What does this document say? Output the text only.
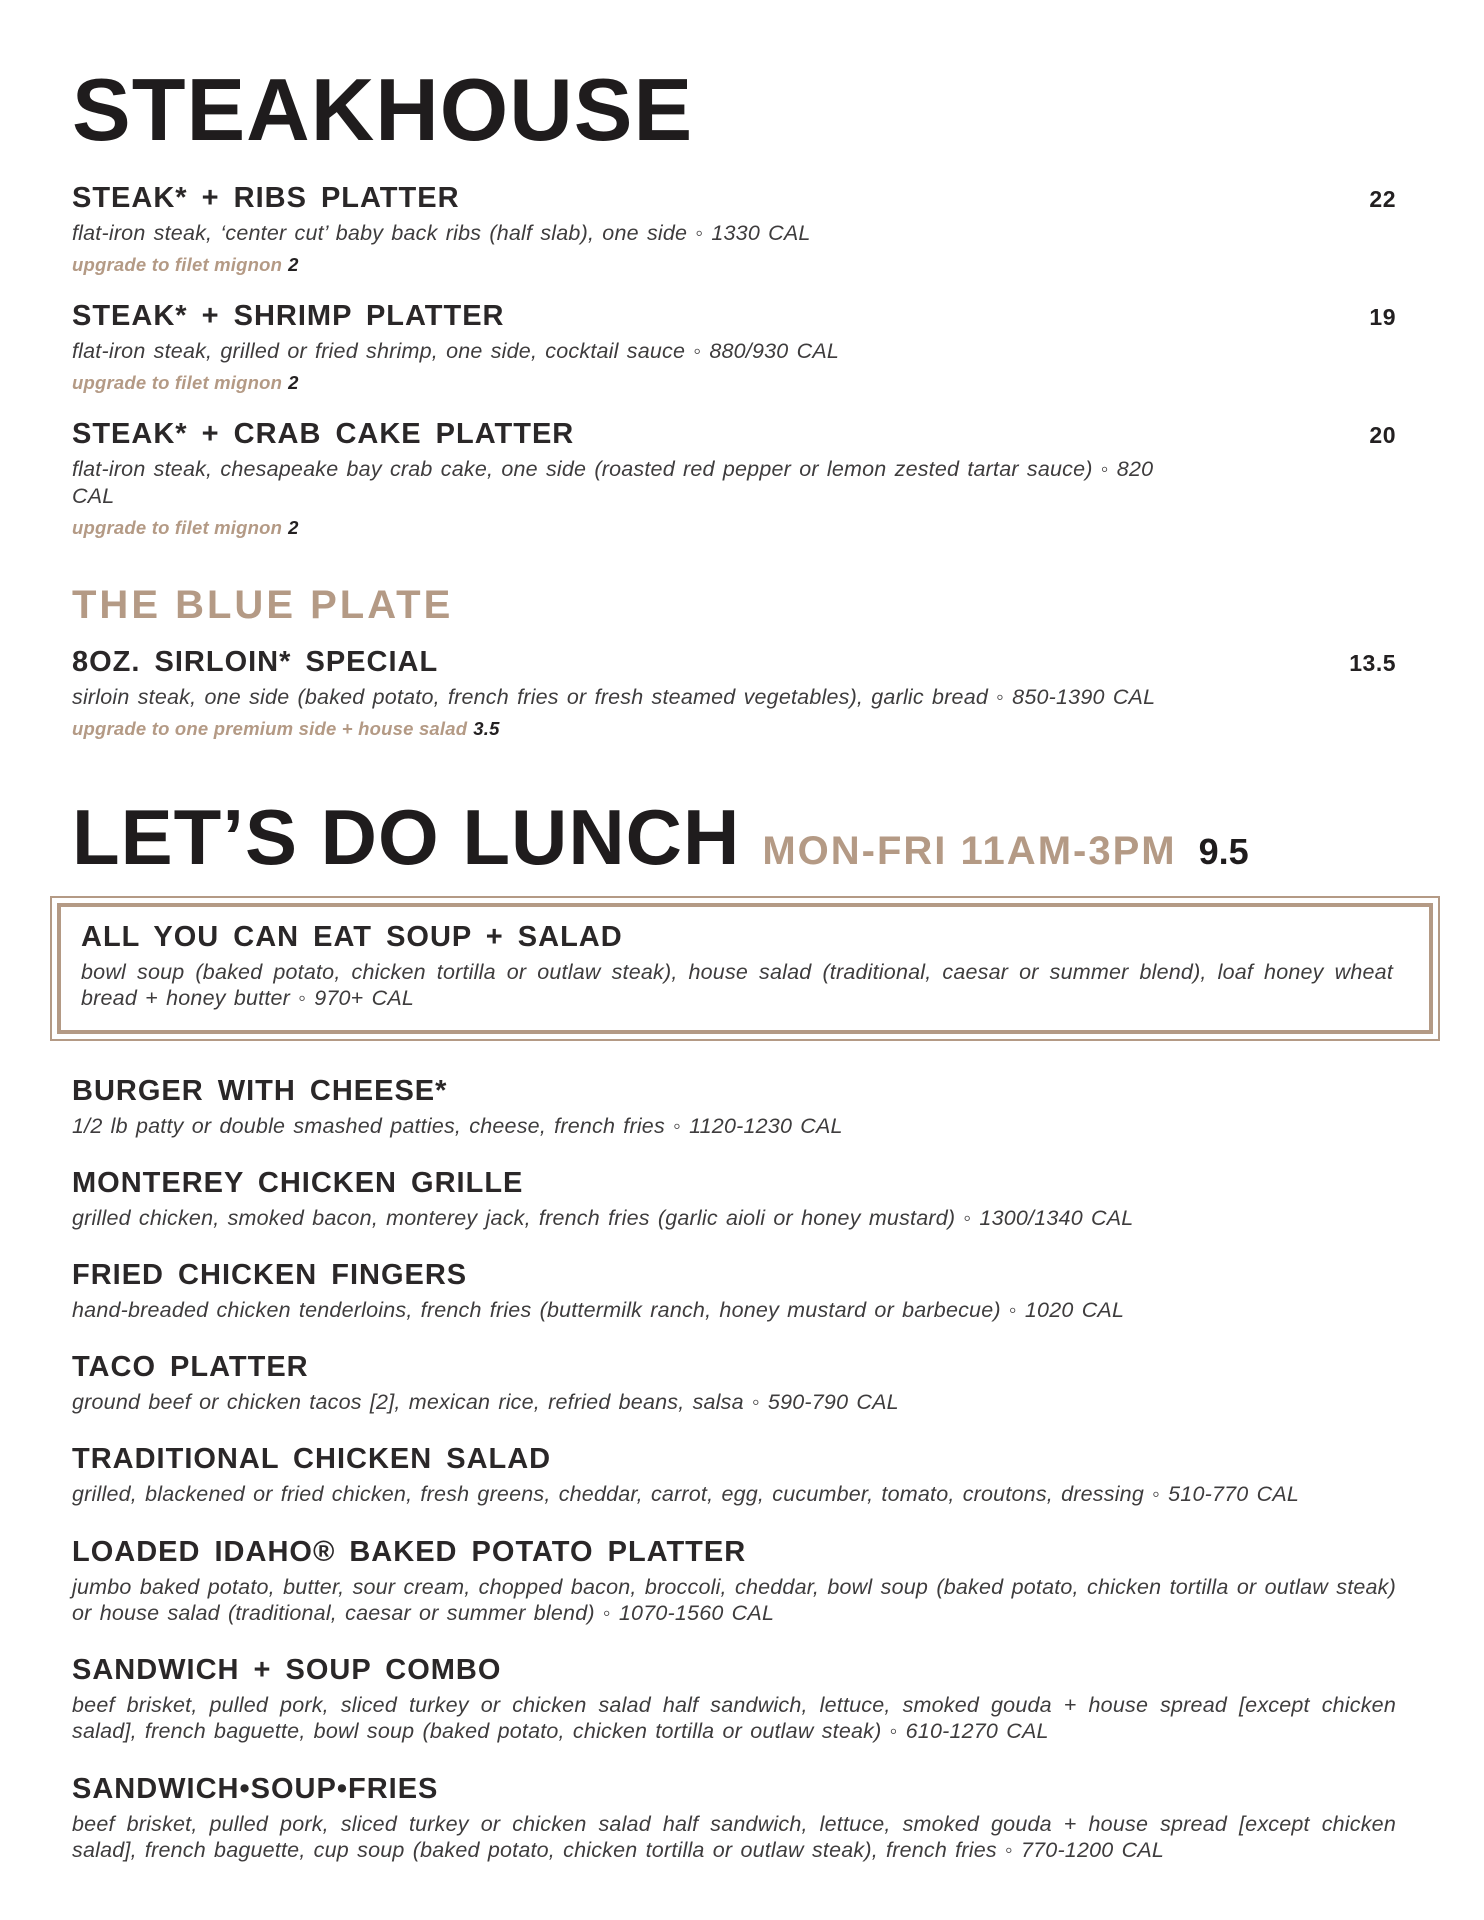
STEAKHOUSE
STEAK* + RIBS PLATTER	22
flat-iron steak, ‘center cut’ baby back ribs (half slab), one side ◦ 1330 CAL
upgrade to filet mignon 2
STEAK* + SHRIMP PLATTER	19
flat-iron steak, grilled or fried shrimp, one side, cocktail sauce ◦ 880/930 CAL
upgrade to filet mignon 2
STEAK* + CRAB CAKE PLATTER	20
flat-iron steak, chesapeake bay crab cake, one side (roasted red pepper or lemon zested tartar sauce) ◦ 820 CAL
upgrade to filet mignon 2
THE BLUE PLATE
8OZ. SIRLOIN* SPECIAL	13.5
sirloin steak, one side (baked potato, french fries or fresh steamed vegetables), garlic bread ◦ 850-1390 CAL
upgrade to one premium side + house salad 3.5
LET’S DO LUNCH MON-FRI 11AM-3PM 9.5
ALL YOU CAN EAT SOUP + SALAD
bowl soup (baked potato, chicken tortilla or outlaw steak), house salad (traditional, caesar or summer blend), loaf honey wheat bread + honey butter ◦ 970+ CAL
BURGER WITH CHEESE*
1/2 lb patty or double smashed patties, cheese, french fries ◦ 1120-1230 CAL
MONTEREY CHICKEN GRILLE
grilled chicken, smoked bacon, monterey jack, french fries (garlic aioli or honey mustard) ◦ 1300/1340 CAL
FRIED CHICKEN FINGERS
hand-breaded chicken tenderloins, french fries (buttermilk ranch, honey mustard or barbecue) ◦ 1020 CAL
TACO PLATTER
ground beef or chicken tacos [2], mexican rice, refried beans, salsa ◦ 590-790 CAL
TRADITIONAL CHICKEN SALAD
grilled, blackened or fried chicken, fresh greens, cheddar, carrot, egg, cucumber, tomato, croutons, dressing ◦ 510-770 CAL
LOADED IDAHO® BAKED POTATO PLATTER
jumbo baked potato, butter, sour cream, chopped bacon, broccoli, cheddar, bowl soup (baked potato, chicken tortilla or outlaw steak) or house salad (traditional, caesar or summer blend) ◦ 1070-1560 CAL
SANDWICH + SOUP COMBO
beef brisket, pulled pork, sliced turkey or chicken salad half sandwich, lettuce, smoked gouda + house spread [except chicken salad], french baguette, bowl soup (baked potato, chicken tortilla or outlaw steak) ◦ 610-1270 CAL
SANDWICH•SOUP•FRIES
beef brisket, pulled pork, sliced turkey or chicken salad half sandwich, lettuce, smoked gouda + house spread [except chicken salad], french baguette, cup soup (baked potato, chicken tortilla or outlaw steak), french fries ◦ 770-1200 CAL
